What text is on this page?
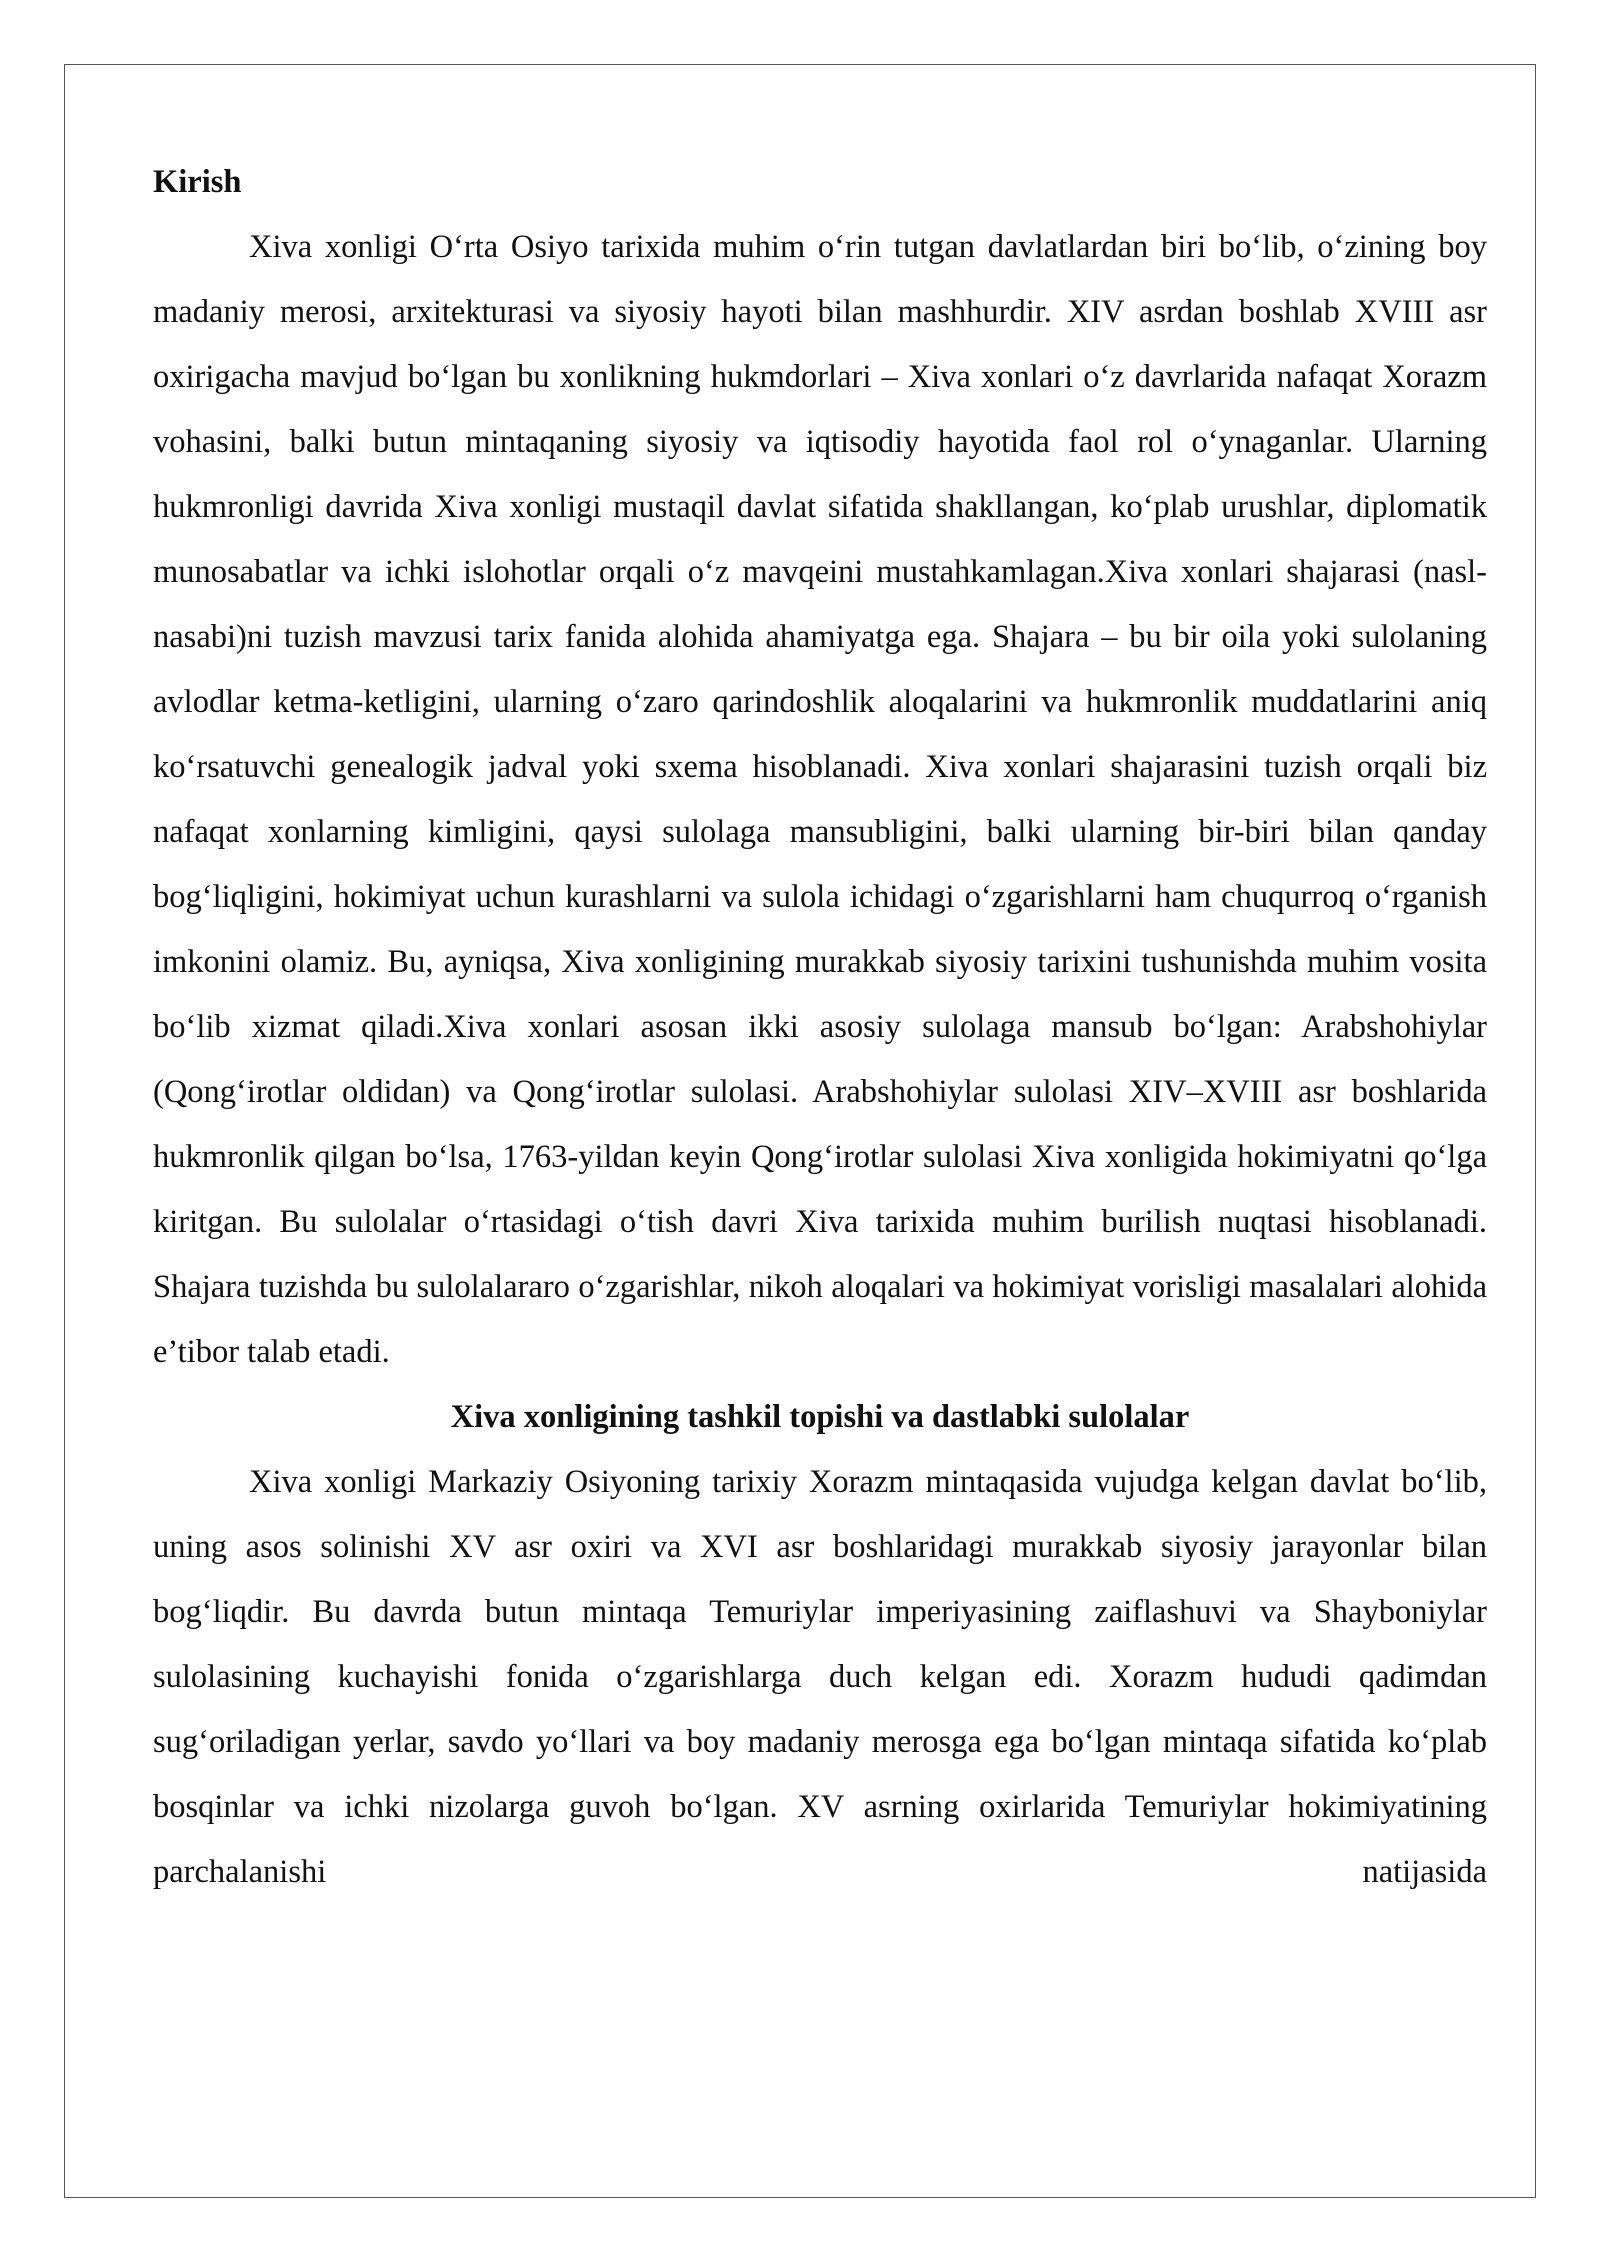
Kirish

Xiva xonligi O‘rta Osiyo tarixida muhim o‘rin tutgan davlatlardan biri bo‘lib, o‘zining boy madaniy merosi, arxitekturasi va siyosiy hayoti bilan mashhurdir. XIV asrdan boshlab XVIII asr oxirigacha mavjud bo‘lgan bu xonlikning hukmdorlari – Xiva xonlari o‘z davrlarida nafaqat Xorazm vohasini, balki butun mintaqaning siyosiy va iqtisodiy hayotida faol rol o‘ynaganlar. Ularning hukmronligi davrida Xiva xonligi mustaqil davlat sifatida shakllangan, ko‘plab urushlar, diplomatik munosabatlar va ichki islohotlar orqali o‘z mavqeini mustahkamlagan.Xiva xonlari shajarasi (nasl-nasabi)ni tuzish mavzusi tarix fanida alohida ahamiyatga ega. Shajara – bu bir oila yoki sulolaning avlodlar ketma-ketligini, ularning o‘zaro qarindoshlik aloqalarini va hukmronlik muddatlarini aniq ko‘rsatuvchi genealogik jadval yoki sxema hisoblanadi. Xiva xonlari shajarasini tuzish orqali biz nafaqat xonlarning kimligini, qaysi sulolaga mansubligini, balki ularning bir-biri bilan qanday bog‘liqligini, hokimiyat uchun kurashlarni va sulola ichidagi o‘zgarishlarni ham chuqurroq o‘rganish imkonini olamiz. Bu, ayniqsa, Xiva xonligining murakkab siyosiy tarixini tushunishda muhim vosita bo‘lib xizmat qiladi.Xiva xonlari asosan ikki asosiy sulolaga mansub bo‘lgan: Arabshohiylar (Qong‘irotlar oldidan) va Qong‘irotlar sulolasi. Arabshohiylar sulolasi XIV–XVIII asr boshlarida hukmronlik qilgan bo‘lsa, 1763-yildan keyin Qong‘irotlar sulolasi Xiva xonligida hokimiyatni qo‘lga kiritgan. Bu sulolalar o‘rtasidagi o‘tish davri Xiva tarixida muhim burilish nuqtasi hisoblanadi. Shajara tuzishda bu sulolalararo o‘zgarishlar, nikoh aloqalari va hokimiyat vorisligi masalalari alohida e’tibor talab etadi.

Xiva xonligining tashkil topishi va dastlabki sulolalar

Xiva xonligi Markaziy Osiyoning tarixiy Xorazm mintaqasida vujudga kelgan davlat bo‘lib, uning asos solinishi XV asr oxiri va XVI asr boshlaridagi murakkab siyosiy jarayonlar bilan bog‘liqdir. Bu davrda butun mintaqa Temuriylar imperiyasining zaiflashuvi va Shayboniylar sulolasining kuchayishi fonida o‘zgarishlarga duch kelgan edi. Xorazm hududi qadimdan sug‘oriladigan yerlar, savdo yo‘llari va boy madaniy merosga ega bo‘lgan mintaqa sifatida ko‘plab bosqinlar va ichki nizolarga guvoh bo‘lgan. XV asrning oxirlarida Temuriylar hokimiyatining parchalanishi natijasida
